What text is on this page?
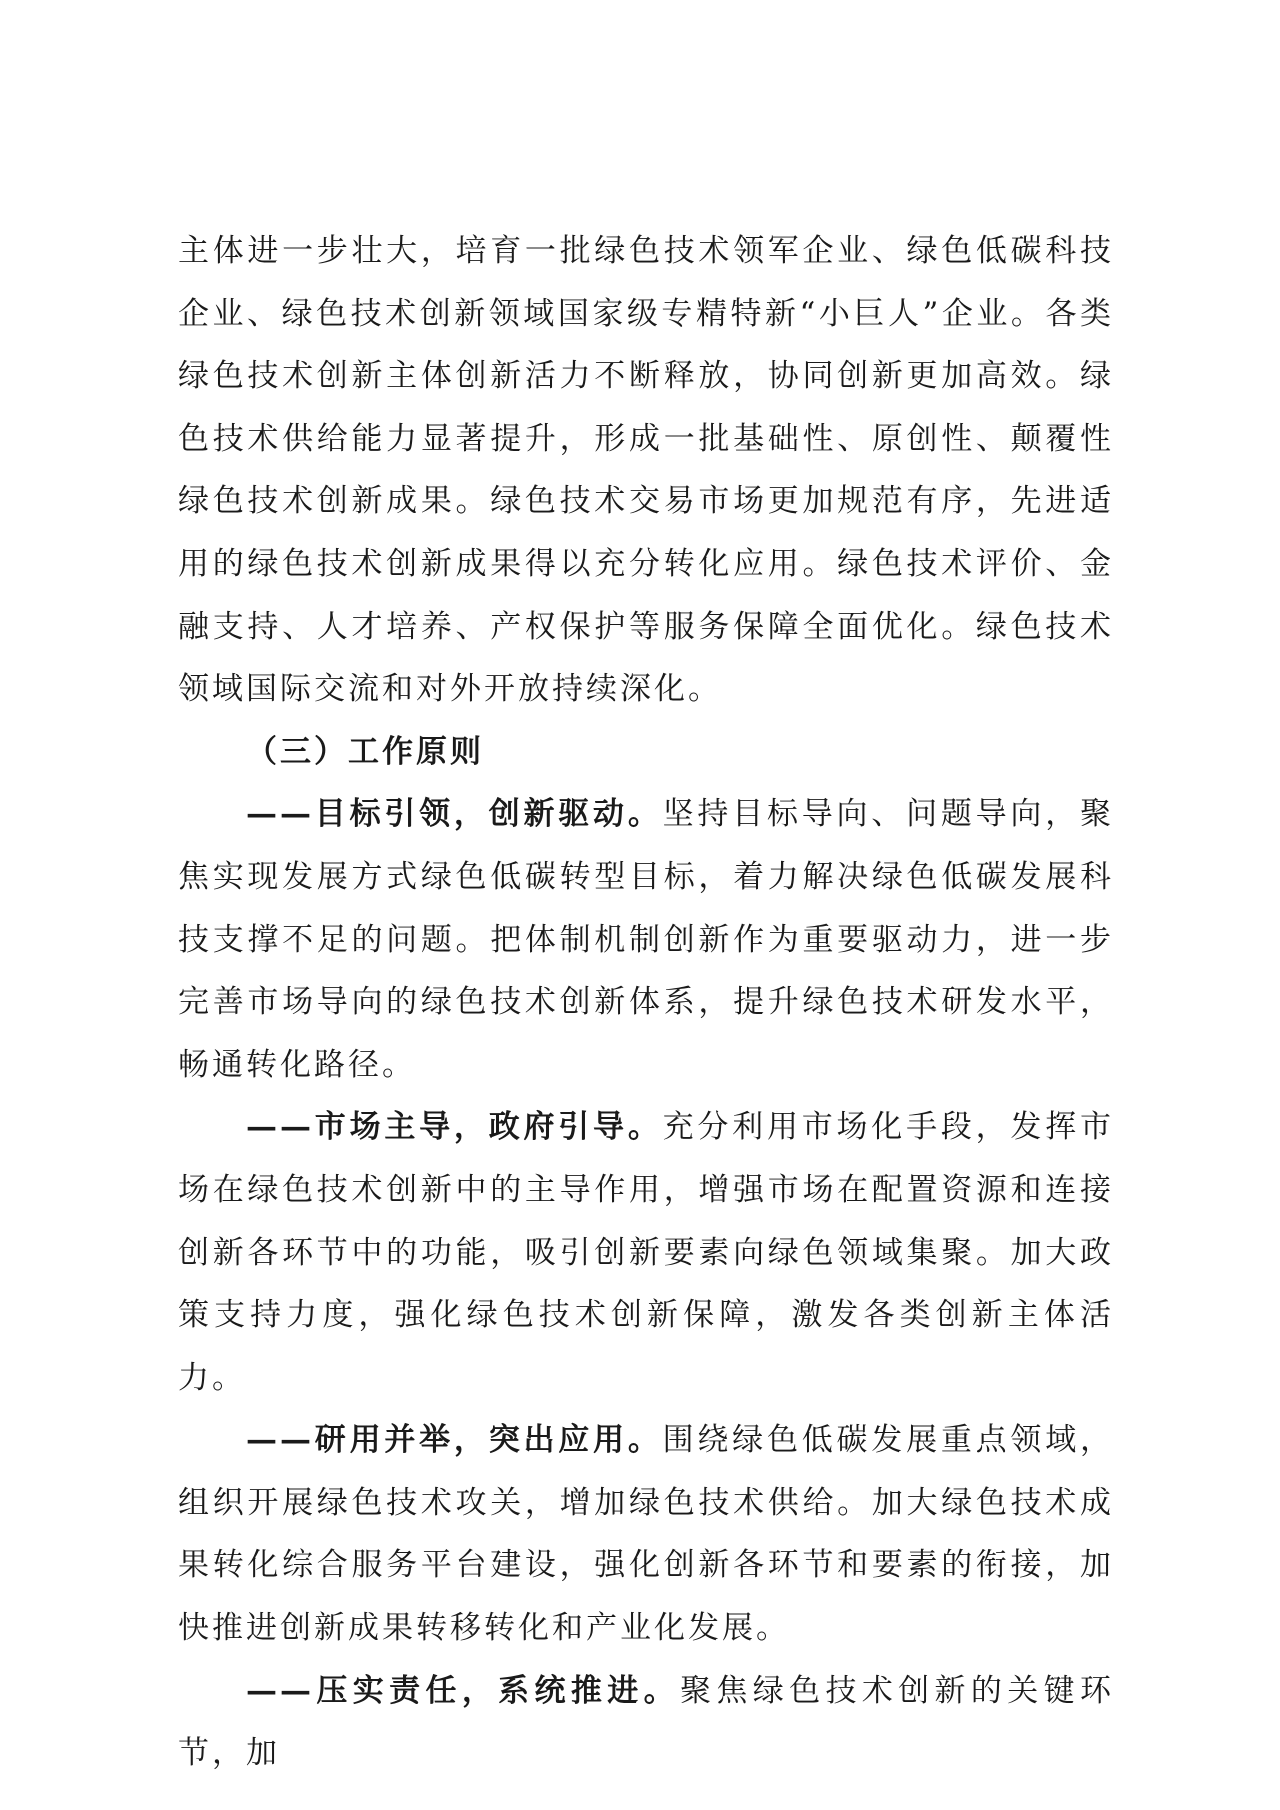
主体进一步壮大，培育一批绿色技术领军企业、绿色低碳科技企业、绿色技术创新领域国家级专精特新“小巨人”企业。各类绿色技术创新主体创新活力不断释放，协同创新更加高效。绿色技术供给能力显著提升，形成一批基础性、原创性、颠覆性绿色技术创新成果。绿色技术交易市场更加规范有序，先进适用的绿色技术创新成果得以充分转化应用。绿色技术评价、金融支持、人才培养、产权保护等服务保障全面优化。绿色技术领域国际交流和对外开放持续深化。

（三）工作原则

——目标引领，创新驱动。坚持目标导向、问题导向，聚焦实现发展方式绿色低碳转型目标，着力解决绿色低碳发展科技支撑不足的问题。把体制机制创新作为重要驱动力，进一步完善市场导向的绿色技术创新体系，提升绿色技术研发水平，畅通转化路径。

——市场主导，政府引导。充分利用市场化手段，发挥市场在绿色技术创新中的主导作用，增强市场在配置资源和连接创新各环节中的功能，吸引创新要素向绿色领域集聚。加大政策支持力度，强化绿色技术创新保障，激发各类创新主体活力。

——研用并举，突出应用。围绕绿色低碳发展重点领域，组织开展绿色技术攻关，增加绿色技术供给。加大绿色技术成果转化综合服务平台建设，强化创新各环节和要素的衔接，加快推进创新成果转移转化和产业化发展。

——压实责任，系统推进。聚焦绿色技术创新的关键环节，加
